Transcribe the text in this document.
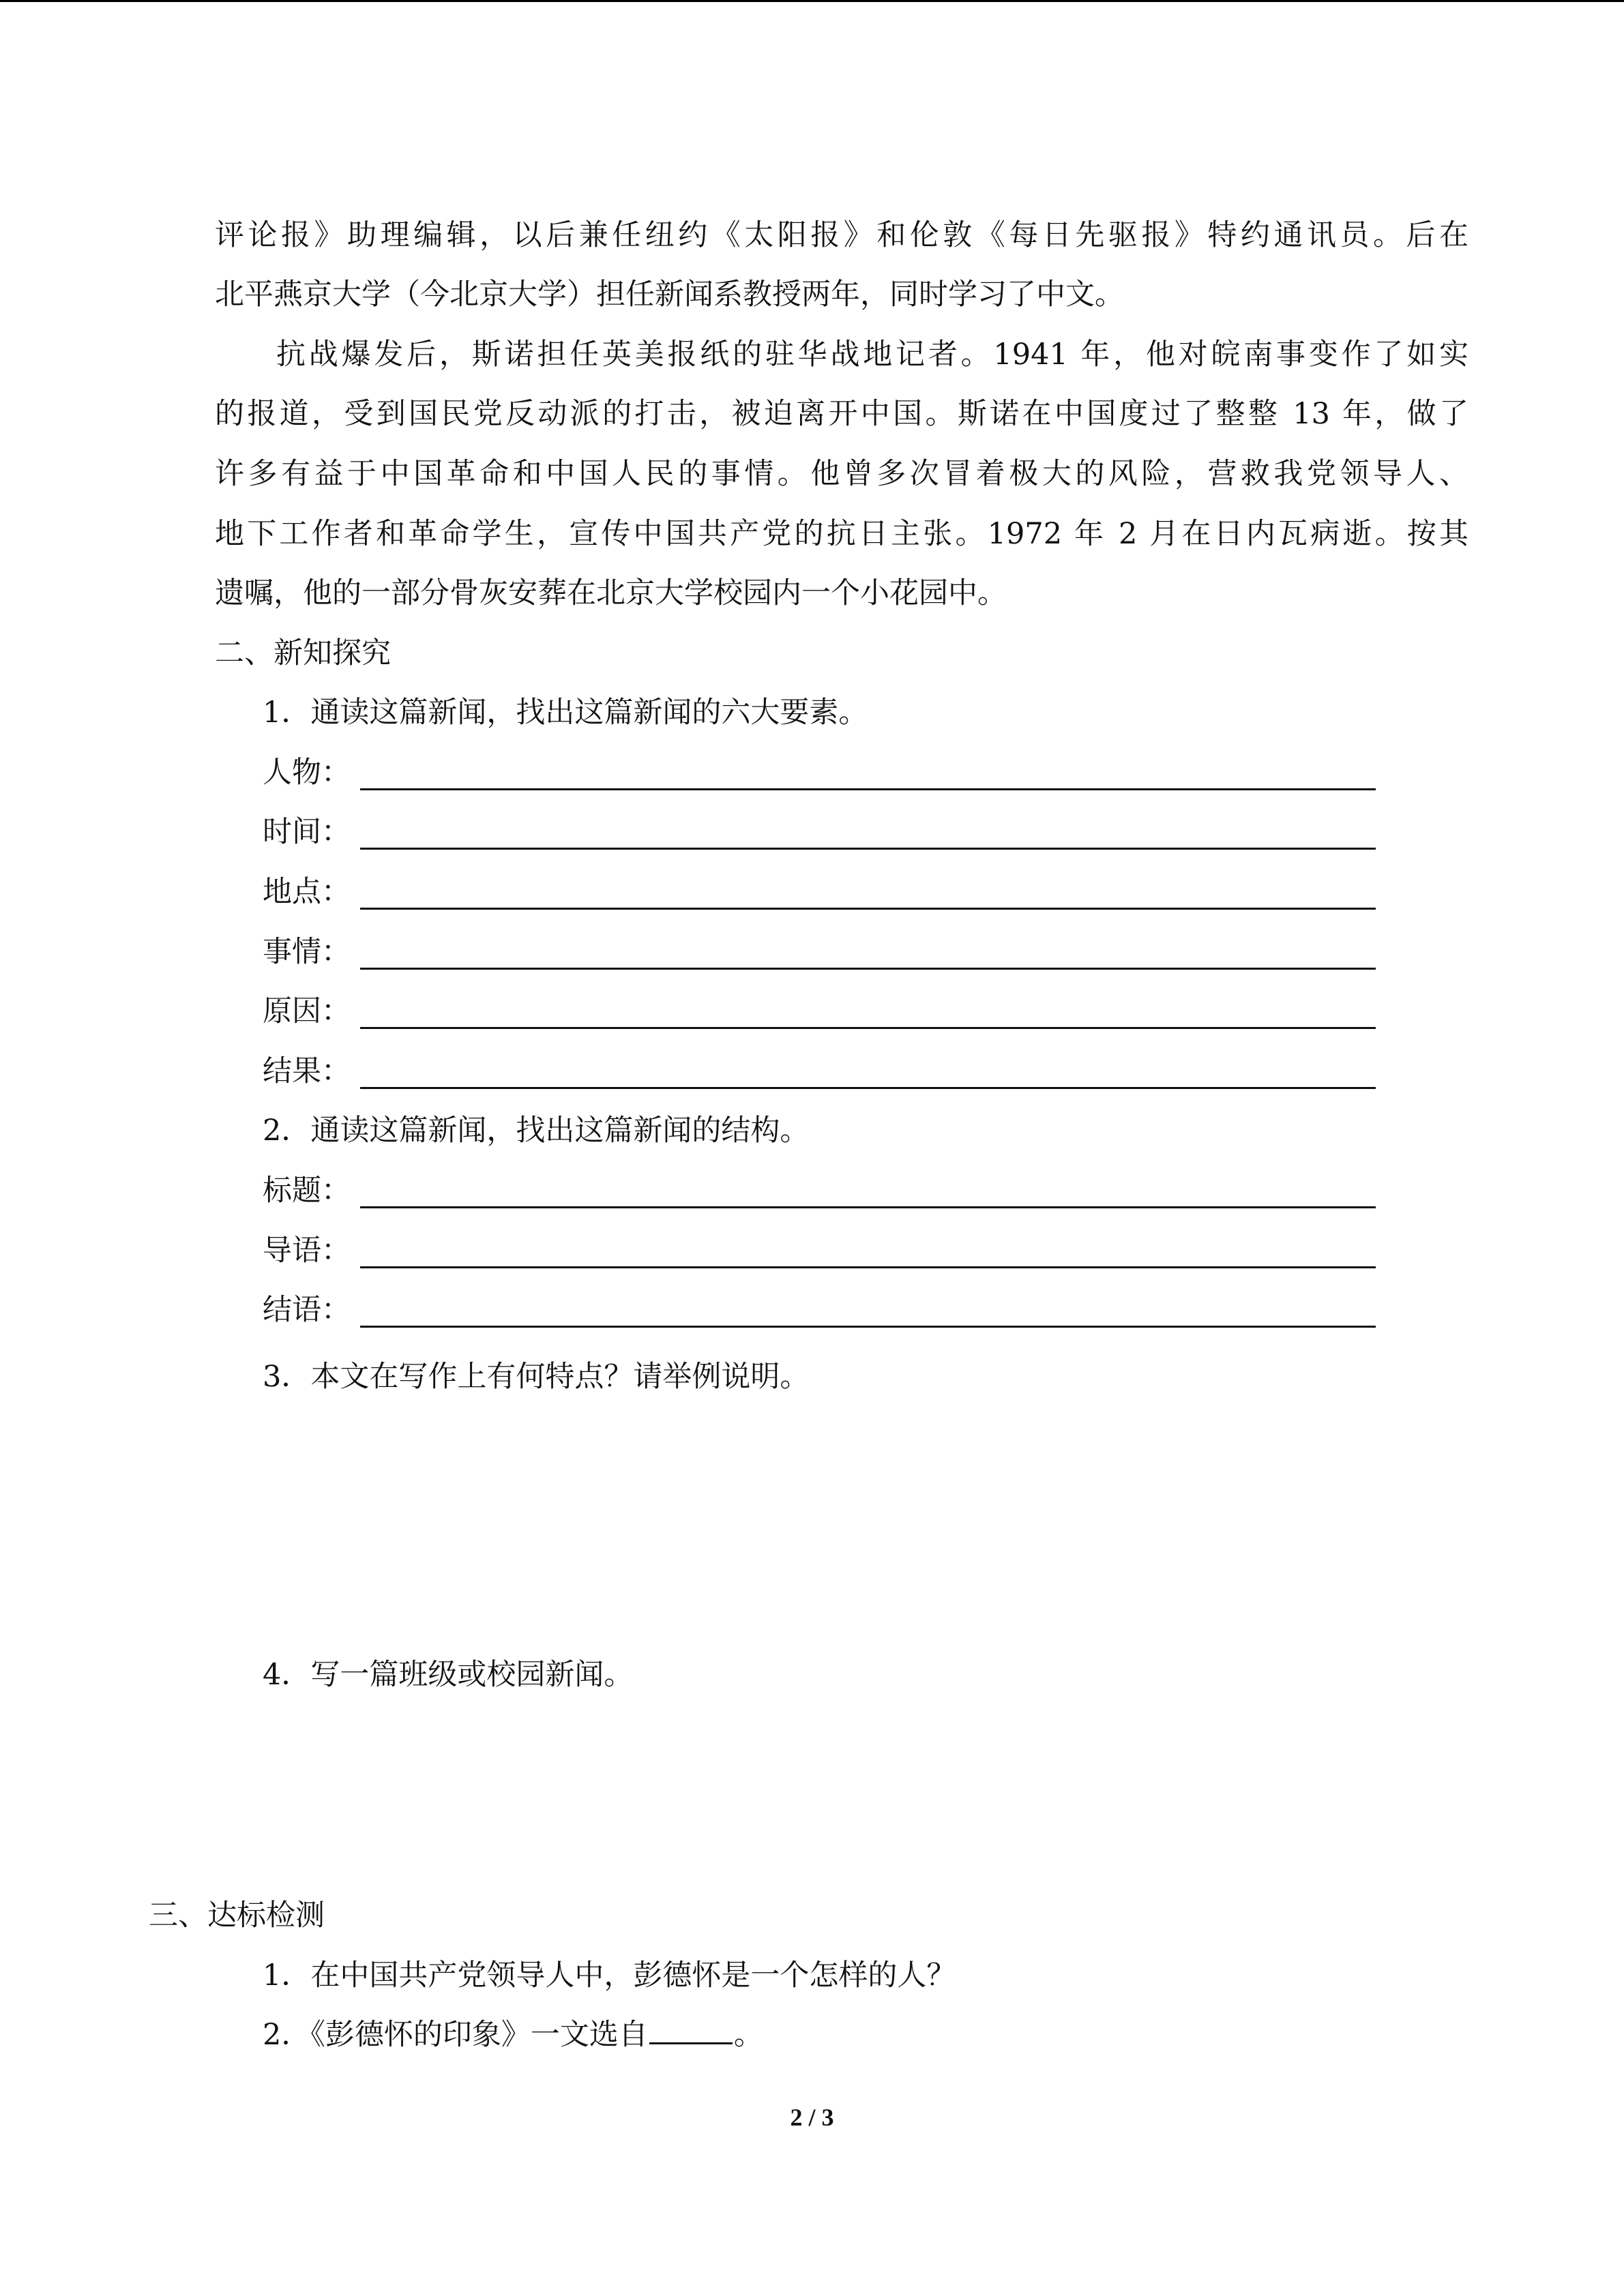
评论报》助理编辑，以后兼任纽约《太阳报》和伦敦《每日先驱报》特约通讯员。后在
北平燕京大学（今北京大学）担任新闻系教授两年，同时学习了中文。
抗战爆发后，斯诺担任英美报纸的驻华战地记者。1941 年，他对皖南事变作了如实
的报道，受到国民党反动派的打击，被迫离开中国。斯诺在中国度过了整整 13 年，做了
许多有益于中国革命和中国人民的事情。他曾多次冒着极大的风险，营救我党领导人、
地下工作者和革命学生，宣传中国共产党的抗日主张。1972 年 2 月在日内瓦病逝。按其
遗嘱，他的一部分骨灰安葬在北京大学校园内一个小花园中。
二、新知探究
1．通读这篇新闻，找出这篇新闻的六大要素。
人物：
时间：
地点：
事情：
原因：
结果：
2．通读这篇新闻，找出这篇新闻的结构。
标题：
导语：
结语：
3．本文在写作上有何特点？请举例说明。
4．写一篇班级或校园新闻。
三、达标检测
1．在中国共产党领导人中，彭德怀是一个怎样的人？
2．《彭德怀的印象》一文选自	。
2 / 3
